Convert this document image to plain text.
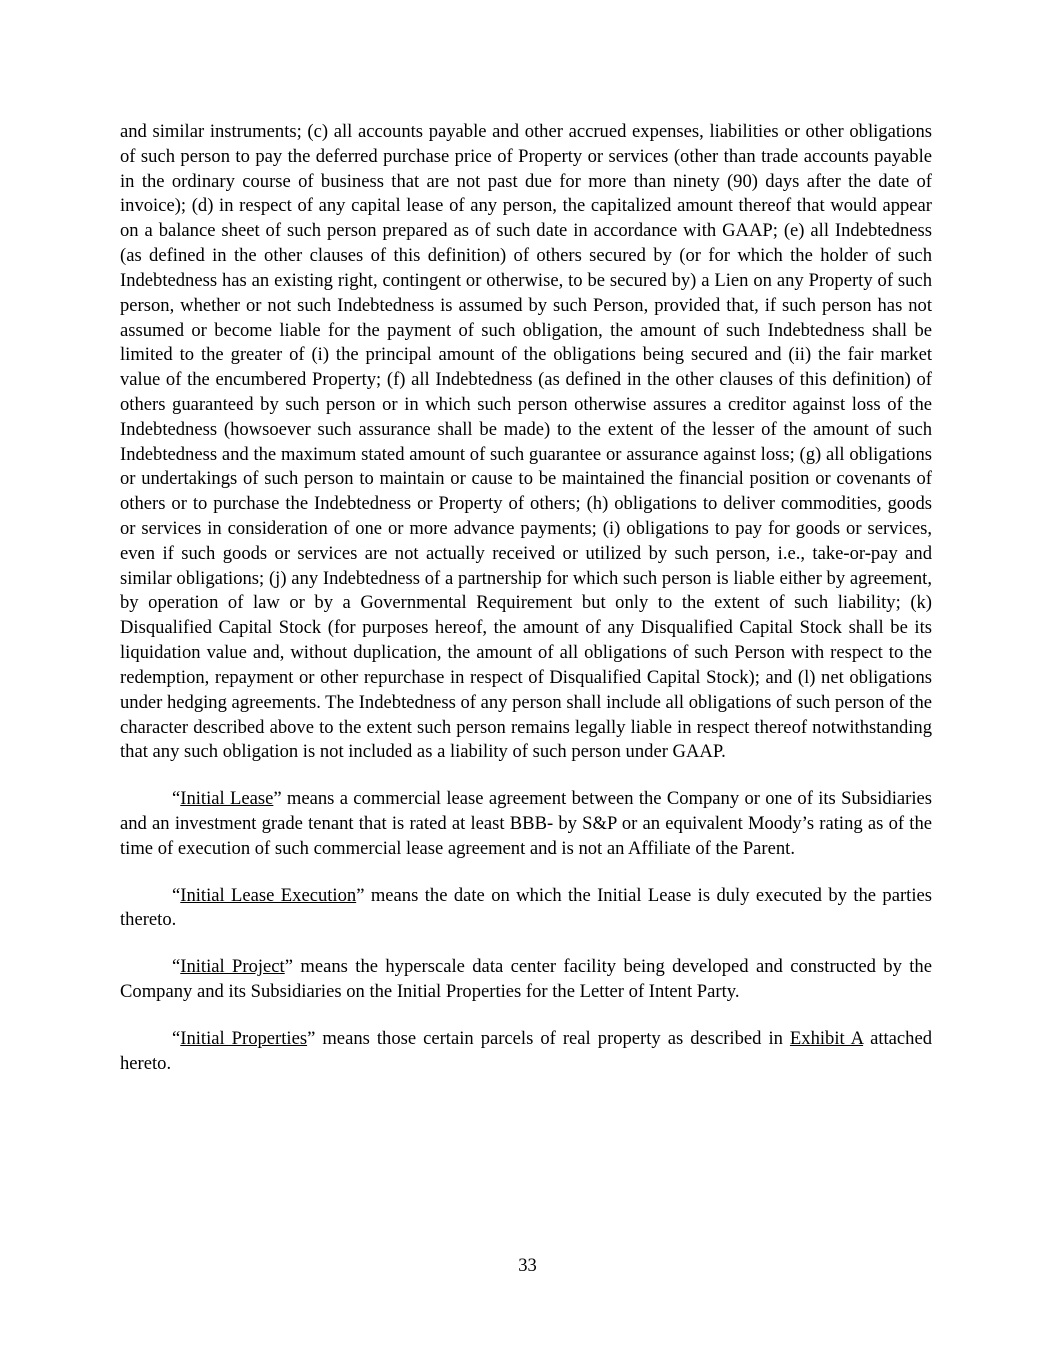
and similar instruments; (c) all accounts payable and other accrued expenses, liabilities or other obligations of such person to pay the deferred purchase price of Property or services (other than trade accounts payable in the ordinary course of business that are not past due for more than ninety (90) days after the date of invoice); (d) in respect of any capital lease of any person, the capitalized amount thereof that would appear on a balance sheet of such person prepared as of such date in accordance with GAAP; (e) all Indebtedness (as defined in the other clauses of this definition) of others secured by (or for which the holder of such Indebtedness has an existing right, contingent or otherwise, to be secured by) a Lien on any Property of such person, whether or not such Indebtedness is assumed by such Person, provided that, if such person has not assumed or become liable for the payment of such obligation, the amount of such Indebtedness shall be limited to the greater of (i) the principal amount of the obligations being secured and (ii) the fair market value of the encumbered Property; (f) all Indebtedness (as defined in the other clauses of this definition) of others guaranteed by such person or in which such person otherwise assures a creditor against loss of the Indebtedness (howsoever such assurance shall be made) to the extent of the lesser of the amount of such Indebtedness and the maximum stated amount of such guarantee or assurance against loss; (g) all obligations or undertakings of such person to maintain or cause to be maintained the financial position or covenants of others or to purchase the Indebtedness or Property of others; (h) obligations to deliver commodities, goods or services in consideration of one or more advance payments; (i) obligations to pay for goods or services, even if such goods or services are not actually received or utilized by such person, i.e., take-or-pay and similar obligations; (j) any Indebtedness of a partnership for which such person is liable either by agreement, by operation of law or by a Governmental Requirement but only to the extent of such liability; (k) Disqualified Capital Stock (for purposes hereof, the amount of any Disqualified Capital Stock shall be its liquidation value and, without duplication, the amount of all obligations of such Person with respect to the redemption, repayment or other repurchase in respect of Disqualified Capital Stock); and (l) net obligations under hedging agreements. The Indebtedness of any person shall include all obligations of such person of the character described above to the extent such person remains legally liable in respect thereof notwithstanding that any such obligation is not included as a liability of such person under GAAP.

“Initial Lease” means a commercial lease agreement between the Company or one of its Subsidiaries and an investment grade tenant that is rated at least BBB- by S&P or an equivalent Moody’s rating as of the time of execution of such commercial lease agreement and is not an Affiliate of the Parent.

“Initial Lease Execution” means the date on which the Initial Lease is duly executed by the parties thereto.

“Initial Project” means the hyperscale data center facility being developed and constructed by the Company and its Subsidiaries on the Initial Properties for the Letter of Intent Party.

“Initial Properties” means those certain parcels of real property as described in Exhibit A attached hereto.

33
